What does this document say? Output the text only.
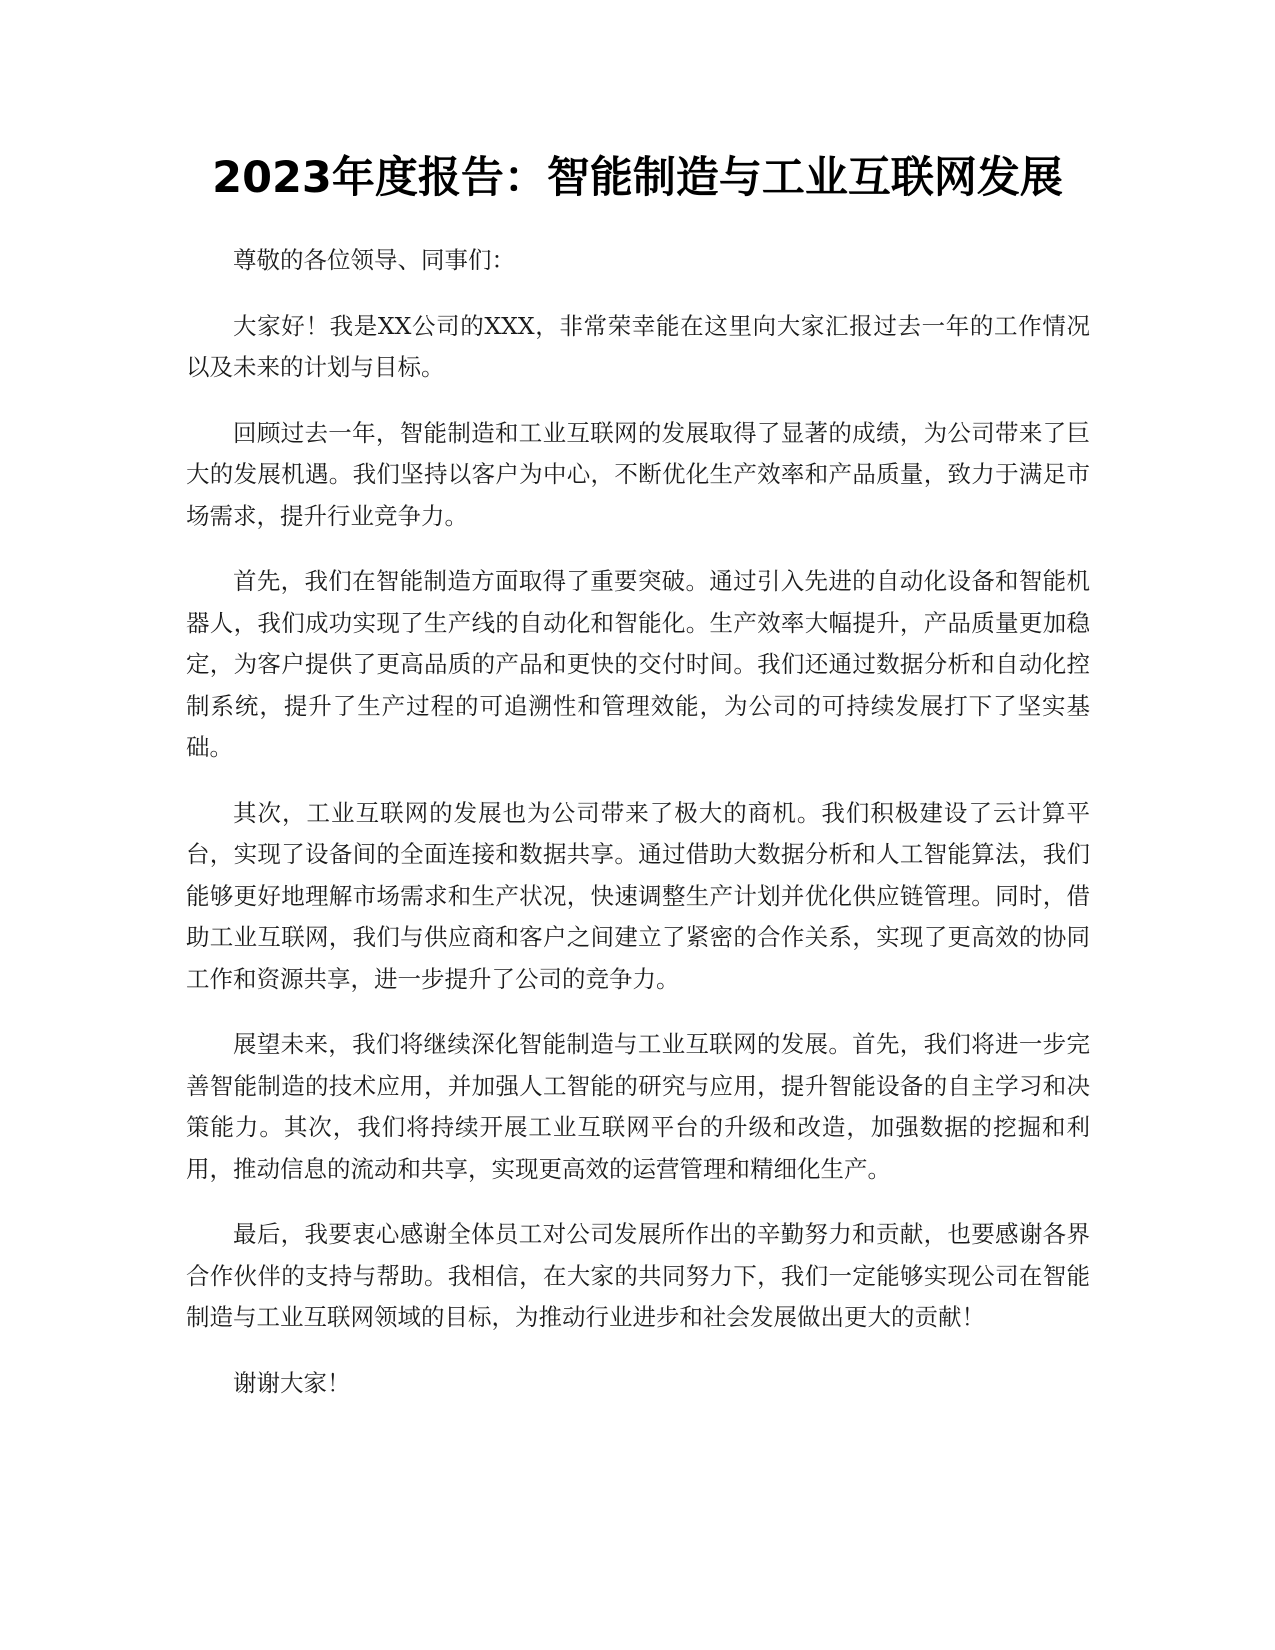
2023年度报告：智能制造与工业互联网发展

尊敬的各位领导、同事们：

大家好！我是XX公司的XXX，非常荣幸能在这里向大家汇报过去一年的工作情况以及未来的计划与目标。

回顾过去一年，智能制造和工业互联网的发展取得了显著的成绩，为公司带来了巨大的发展机遇。我们坚持以客户为中心，不断优化生产效率和产品质量，致力于满足市场需求，提升行业竞争力。

首先，我们在智能制造方面取得了重要突破。通过引入先进的自动化设备和智能机器人，我们成功实现了生产线的自动化和智能化。生产效率大幅提升，产品质量更加稳定，为客户提供了更高品质的产品和更快的交付时间。我们还通过数据分析和自动化控制系统，提升了生产过程的可追溯性和管理效能，为公司的可持续发展打下了坚实基础。

其次，工业互联网的发展也为公司带来了极大的商机。我们积极建设了云计算平台，实现了设备间的全面连接和数据共享。通过借助大数据分析和人工智能算法，我们能够更好地理解市场需求和生产状况，快速调整生产计划并优化供应链管理。同时，借助工业互联网，我们与供应商和客户之间建立了紧密的合作关系，实现了更高效的协同工作和资源共享，进一步提升了公司的竞争力。

展望未来，我们将继续深化智能制造与工业互联网的发展。首先，我们将进一步完善智能制造的技术应用，并加强人工智能的研究与应用，提升智能设备的自主学习和决策能力。其次，我们将持续开展工业互联网平台的升级和改造，加强数据的挖掘和利用，推动信息的流动和共享，实现更高效的运营管理和精细化生产。

最后，我要衷心感谢全体员工对公司发展所作出的辛勤努力和贡献，也要感谢各界合作伙伴的支持与帮助。我相信，在大家的共同努力下，我们一定能够实现公司在智能制造与工业互联网领域的目标，为推动行业进步和社会发展做出更大的贡献！

谢谢大家！
